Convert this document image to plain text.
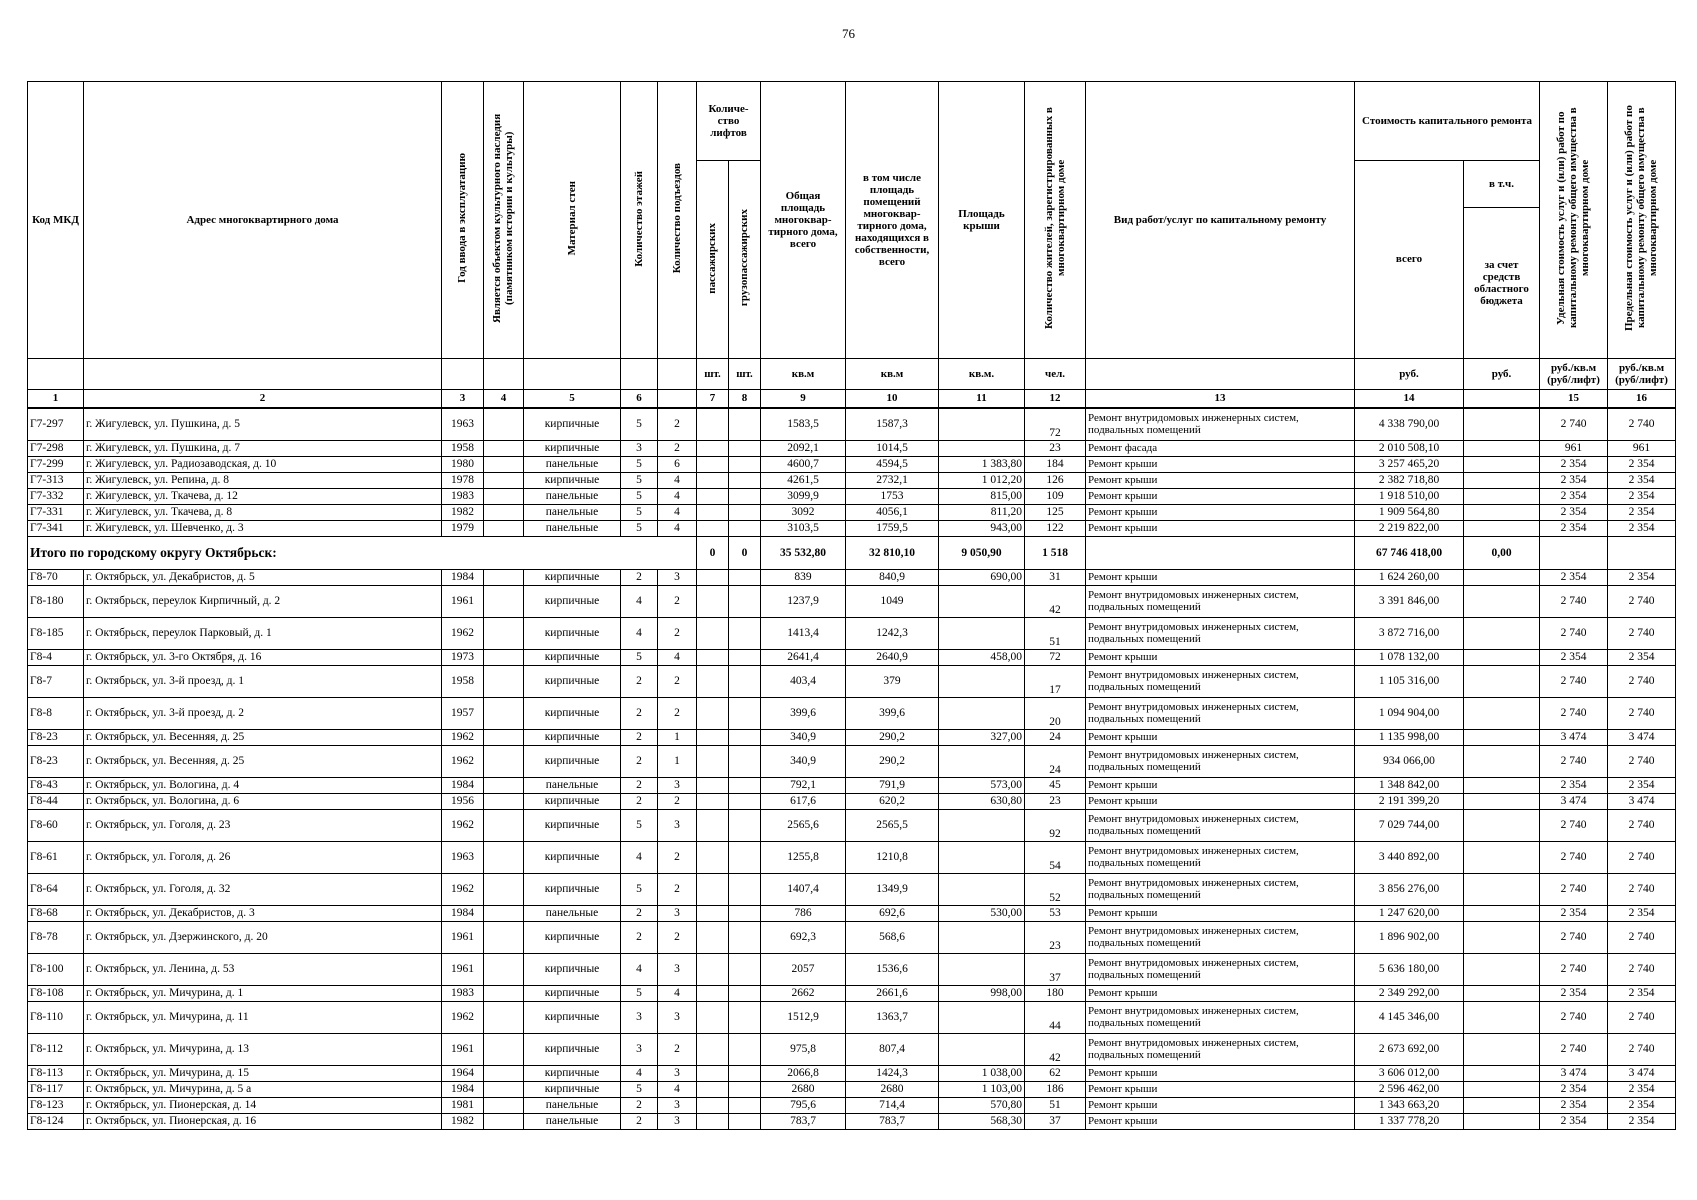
76
Код МКД	Адрес многоквартирного дома	Год ввода в эксплуатацию	Является объектом культурного наследия (памятником истории и культуры)	Материал стен	Количество этажей	Количество подъездов	Количе-ство лифтов		Общая площадь многоквар-тирного дома, всего	в том числе площадь помещений многоквар-тирного дома, находящихся в собственности, всего	Площадь крыши	Количество жителей, зарегистрированных в многоквартирном доме	Вид работ/услуг по капитальному ремонту	Стоимость капитального ремонта		Удельная стоимость услуг и (или) работ по капитальному ремонту общего имущества в многоквартирном доме	Предельная стоимость услуг и (или) работ по капитальному ремонту общего имущества в многоквартирном доме
							пассажирских	грузопассажирских						всего	в т.ч.		
															за счет средств областного бюджета		
							шт.	шт.	кв.м	кв.м	кв.м.	чел.		руб.	руб.	руб./кв.м (руб/лифт)	руб./кв.м (руб/лифт)
1	2	3	4	5	6		7	8	9	10	11	12	13	14		15	16
Г7-297	г. Жигулевск, ул. Пушкина, д. 5	1963		кирпичные	5	2			1583,5	1587,3		72	Ремонт внутридомовых инженерных систем, подвальных помещений	4 338 790,00		2 740	2 740
Г7-298	г. Жигулевск, ул. Пушкина, д. 7	1958		кирпичные	3	2			2092,1	1014,5		23	Ремонт фасада	2 010 508,10		961	961
Г7-299	г. Жигулевск, ул. Радиозаводская, д. 10	1980		панельные	5	6			4600,7	4594,5	1 383,80	184	Ремонт крыши	3 257 465,20		2 354	2 354
Г7-313	г. Жигулевск, ул. Репина, д. 8	1978		кирпичные	5	4			4261,5	2732,1	1 012,20	126	Ремонт крыши	2 382 718,80		2 354	2 354
Г7-332	г. Жигулевск, ул. Ткачева, д. 12	1983		панельные	5	4			3099,9	1753	815,00	109	Ремонт крыши	1 918 510,00		2 354	2 354
Г7-331	г. Жигулевск, ул. Ткачева, д. 8	1982		панельные	5	4			3092	4056,1	811,20	125	Ремонт крыши	1 909 564,80		2 354	2 354
Г7-341	г. Жигулевск, ул. Шевченко, д. 3	1979		панельные	5	4			3103,5	1759,5	943,00	122	Ремонт крыши	2 219 822,00		2 354	2 354
Итого по городскому округу Октябрьск:							0	0	35 532,80	32 810,10	9 050,90	1 518		67 746 418,00	0,00		
Г8-70	г. Октябрьск, ул. Декабристов, д. 5	1984		кирпичные	2	3			839	840,9	690,00	31	Ремонт крыши	1 624 260,00		2 354	2 354
Г8-180	г. Октябрьск, переулок Кирпичный, д. 2	1961		кирпичные	4	2			1237,9	1049		42	Ремонт внутридомовых инженерных систем, подвальных помещений	3 391 846,00		2 740	2 740
Г8-185	г. Октябрьск, переулок Парковый, д. 1	1962		кирпичные	4	2			1413,4	1242,3		51	Ремонт внутридомовых инженерных систем, подвальных помещений	3 872 716,00		2 740	2 740
Г8-4	г. Октябрьск, ул. 3-го Октября, д. 16	1973		кирпичные	5	4			2641,4	2640,9	458,00	72	Ремонт крыши	1 078 132,00		2 354	2 354
Г8-7	г. Октябрьск, ул. 3-й проезд, д. 1	1958		кирпичные	2	2			403,4	379		17	Ремонт внутридомовых инженерных систем, подвальных помещений	1 105 316,00		2 740	2 740
Г8-8	г. Октябрьск, ул. 3-й проезд, д. 2	1957		кирпичные	2	2			399,6	399,6		20	Ремонт внутридомовых инженерных систем, подвальных помещений	1 094 904,00		2 740	2 740
Г8-23	г. Октябрьск, ул. Весенняя, д. 25	1962		кирпичные	2	1			340,9	290,2	327,00	24	Ремонт крыши	1 135 998,00		3 474	3 474
Г8-23	г. Октябрьск, ул. Весенняя, д. 25	1962		кирпичные	2	1			340,9	290,2		24	Ремонт внутридомовых инженерных систем, подвальных помещений	934 066,00		2 740	2 740
Г8-43	г. Октябрьск, ул. Вологина, д. 4	1984		панельные	2	3			792,1	791,9	573,00	45	Ремонт крыши	1 348 842,00		2 354	2 354
Г8-44	г. Октябрьск, ул. Вологина, д. 6	1956		кирпичные	2	2			617,6	620,2	630,80	23	Ремонт крыши	2 191 399,20		3 474	3 474
Г8-60	г. Октябрьск, ул. Гоголя, д. 23	1962		кирпичные	5	3			2565,6	2565,5		92	Ремонт внутридомовых инженерных систем, подвальных помещений	7 029 744,00		2 740	2 740
Г8-61	г. Октябрьск, ул. Гоголя, д. 26	1963		кирпичные	4	2			1255,8	1210,8		54	Ремонт внутридомовых инженерных систем, подвальных помещений	3 440 892,00		2 740	2 740
Г8-64	г. Октябрьск, ул. Гоголя, д. 32	1962		кирпичные	5	2			1407,4	1349,9		52	Ремонт внутридомовых инженерных систем, подвальных помещений	3 856 276,00		2 740	2 740
Г8-68	г. Октябрьск, ул. Декабристов, д. 3	1984		панельные	2	3			786	692,6	530,00	53	Ремонт крыши	1 247 620,00		2 354	2 354
Г8-78	г. Октябрьск, ул. Дзержинского, д. 20	1961		кирпичные	2	2			692,3	568,6		23	Ремонт внутридомовых инженерных систем, подвальных помещений	1 896 902,00		2 740	2 740
Г8-100	г. Октябрьск, ул. Ленина, д. 53	1961		кирпичные	4	3			2057	1536,6		37	Ремонт внутридомовых инженерных систем, подвальных помещений	5 636 180,00		2 740	2 740
Г8-108	г. Октябрьск, ул. Мичурина, д. 1	1983		кирпичные	5	4			2662	2661,6	998,00	180	Ремонт крыши	2 349 292,00		2 354	2 354
Г8-110	г. Октябрьск, ул. Мичурина, д. 11	1962		кирпичные	3	3			1512,9	1363,7		44	Ремонт внутридомовых инженерных систем, подвальных помещений	4 145 346,00		2 740	2 740
Г8-112	г. Октябрьск, ул. Мичурина, д. 13	1961		кирпичные	3	2			975,8	807,4		42	Ремонт внутридомовых инженерных систем, подвальных помещений	2 673 692,00		2 740	2 740
Г8-113	г. Октябрьск, ул. Мичурина, д. 15	1964		кирпичные	4	3			2066,8	1424,3	1 038,00	62	Ремонт крыши	3 606 012,00		3 474	3 474
Г8-117	г. Октябрьск, ул. Мичурина, д. 5 а	1984		кирпичные	5	4			2680	2680	1 103,00	186	Ремонт крыши	2 596 462,00		2 354	2 354
Г8-123	г. Октябрьск, ул. Пионерская, д. 14	1981		панельные	2	3			795,6	714,4	570,80	51	Ремонт крыши	1 343 663,20		2 354	2 354
Г8-124	г. Октябрьск, ул. Пионерская, д. 16	1982		панельные	2	3			783,7	783,7	568,30	37	Ремонт крыши	1 337 778,20		2 354	2 354
